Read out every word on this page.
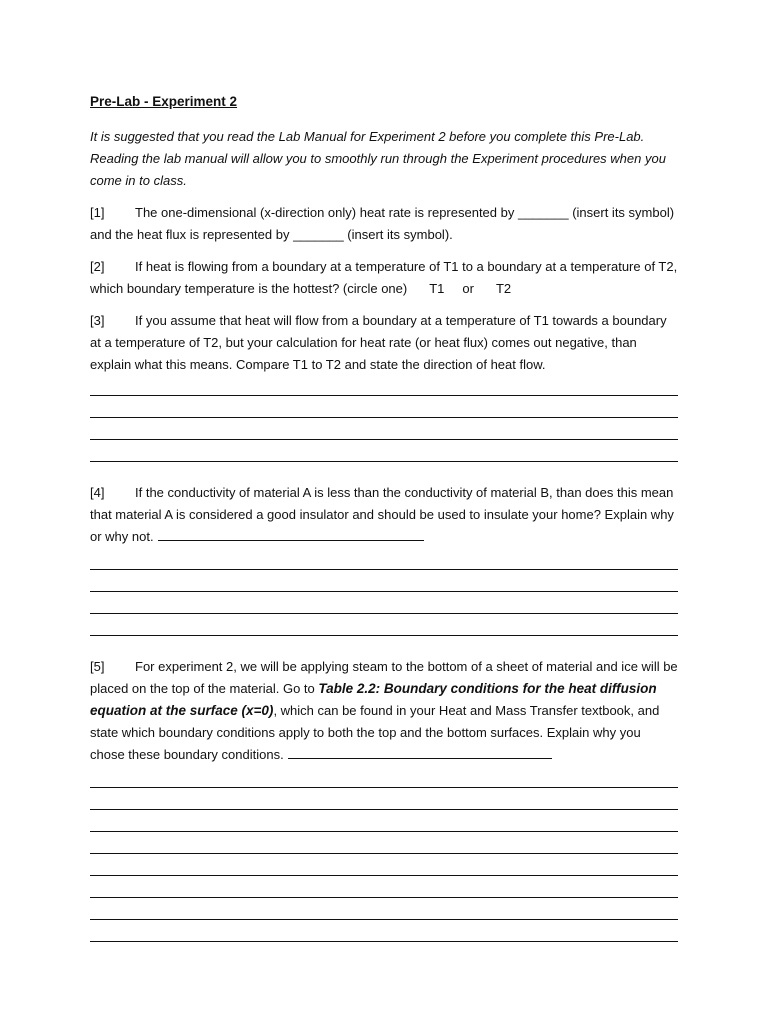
Pre-Lab - Experiment 2
It is suggested that you read the Lab Manual for Experiment 2 before you complete this Pre-Lab. Reading the lab manual will allow you to smoothly run through the Experiment procedures when you come in to class.
[1] The one-dimensional (x-direction only) heat rate is represented by _______ (insert its symbol) and the heat flux is represented by _______ (insert its symbol).
[2] If heat is flowing from a boundary at a temperature of T1 to a boundary at a temperature of T2, which boundary temperature is the hottest? (circle one) T1 or T2
[3] If you assume that heat will flow from a boundary at a temperature of T1 towards a boundary at a temperature of T2, but your calculation for heat rate (or heat flux) comes out negative, than explain what this means. Compare T1 to T2 and state the direction of heat flow.
[4] If the conductivity of material A is less than the conductivity of material B, than does this mean that material A is considered a good insulator and should be used to insulate your home? Explain why or why not.
[5] For experiment 2, we will be applying steam to the bottom of a sheet of material and ice will be placed on the top of the material. Go to Table 2.2: Boundary conditions for the heat diffusion equation at the surface (x=0), which can be found in your Heat and Mass Transfer textbook, and state which boundary conditions apply to both the top and the bottom surfaces. Explain why you chose these boundary conditions.
